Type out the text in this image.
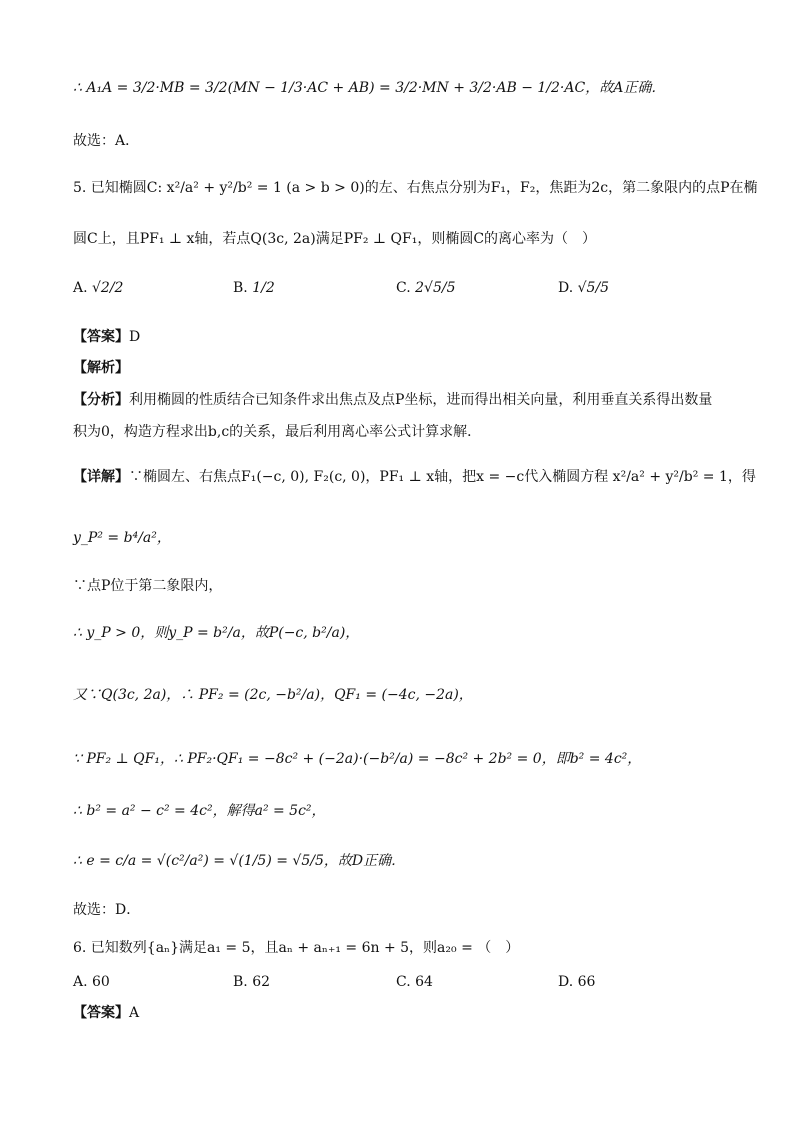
∴ A₁A = 3/2·MB = 3/2(MN − 1/3·AC + AB) = 3/2·MN + 3/2·AB − 1/2·AC，故A正确．
故选：A．
5. 已知椭圆C: x²/a² + y²/b² = 1 (a > b > 0)的左、右焦点分别为F₁，F₂，焦距为2c，第二象限内的点P在椭
圆C上，且PF₁ ⊥ x轴，若点Q(3c, 2a)满足PF₂ ⊥ QF₁，则椭圆C的离心率为（　）
A. √2/2	B. 1/2	C. 2√5/5	D. √5/5
【答案】D
【解析】
【分析】利用椭圆的性质结合已知条件求出焦点及点P坐标，进而得出相关向量，利用垂直关系得出数量
积为0，构造方程求出b,c的关系，最后利用离心率公式计算求解．
【详解】∵椭圆左、右焦点F₁(−c, 0), F₂(c, 0)，PF₁ ⊥ x轴，把x = −c代入椭圆方程 x²/a² + y²/b² = 1，得
y_P² = b⁴/a²，
∵点P位于第二象限内，
∴ y_P > 0，则y_P = b²/a，故P(−c, b²/a)，
又∵Q(3c, 2a)，∴ PF₂ = (2c, −b²/a)，QF₁ = (−4c, −2a)，
∵ PF₂ ⊥ QF₁，∴ PF₂·QF₁ = −8c² + (−2a)·(−b²/a) = −8c² + 2b² = 0，即b² = 4c²，
∴ b² = a² − c² = 4c²，解得a² = 5c²，
∴ e = c/a = √(c²/a²) = √(1/5) = √5/5，故D正确．
故选：D．
6. 已知数列{aₙ}满足a₁ = 5，且aₙ + aₙ₊₁ = 6n + 5，则a₂₀ = （　）
A. 60	B. 62	C. 64	D. 66
【答案】A
